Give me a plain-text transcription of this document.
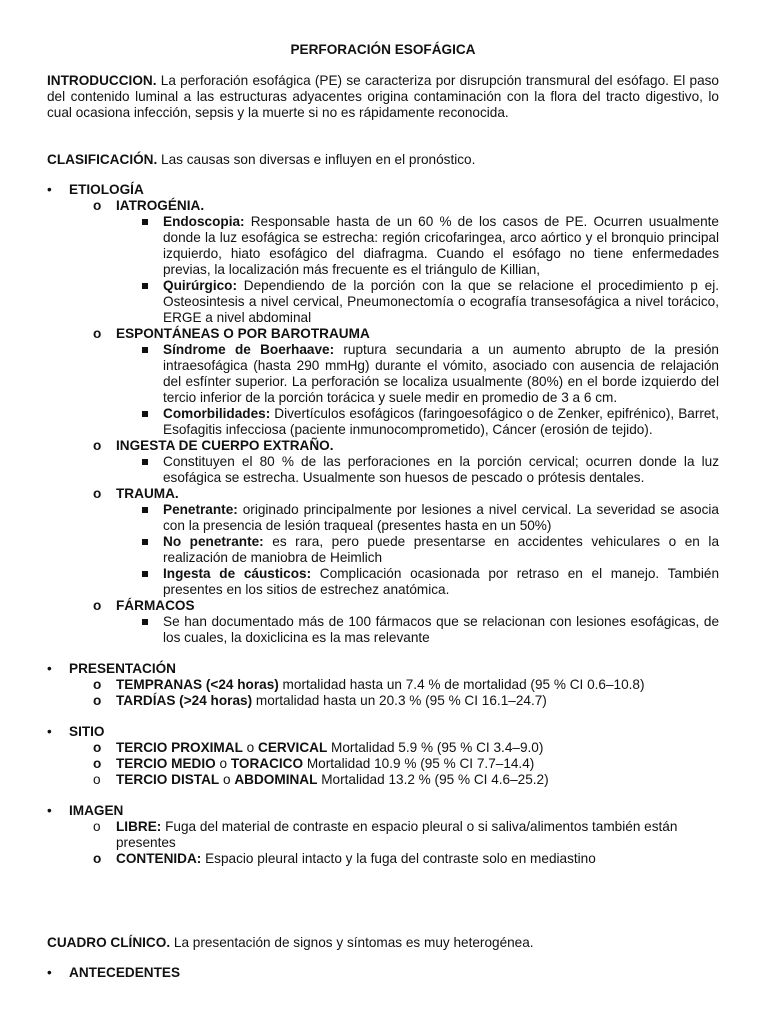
PERFORACIÓN ESOFÁGICA

INTRODUCCION. La perforación esofágica (PE) se caracteriza por disrupción transmural del esófago. El paso del contenido luminal a las estructuras adyacentes origina contaminación con la flora del tracto digestivo, lo cual ocasiona infección, sepsis y la muerte si no es rápidamente reconocida.

CLASIFICACIÓN. Las causas son diversas e influyen en el pronóstico.

• ETIOLOGÍA
o IATROGÉNIA.
Endoscopia: Responsable hasta de un 60 % de los casos de PE. Ocurren usualmente donde la luz esofágica se estrecha: región cricofaringea, arco aórtico y el bronquio principal izquierdo, hiato esofágico del diafragma. Cuando el esófago no tiene enfermedades previas, la localización más frecuente es el triángulo de Killian,
Quirúrgico: Dependiendo de la porción con la que se relacione el procedimiento p ej. Osteosintesis a nivel cervical, Pneumonectomía o ecografía transesofágica a nivel torácico, ERGE a nivel abdominal
o ESPONTÁNEAS O POR BAROTRAUMA
Síndrome de Boerhaave: ruptura secundaria a un aumento abrupto de la presión intraesofágica (hasta 290 mmHg) durante el vómito, asociado con ausencia de relajación del esfínter superior. La perforación se localiza usualmente (80%) en el borde izquierdo del tercio inferior de la porción torácica y suele medir en promedio de 3 a 6 cm.
Comorbilidades: Divertículos esofágicos (faringoesofágico o de Zenker, epifrénico), Barret, Esofagitis infecciosa (paciente inmunocomprometido), Cáncer (erosión de tejido).
o INGESTA DE CUERPO EXTRAÑO.
Constituyen el 80 % de las perforaciones en la porción cervical; ocurren donde la luz esofágica se estrecha. Usualmente son huesos de pescado o prótesis dentales.
o TRAUMA.
Penetrante: originado principalmente por lesiones a nivel cervical. La severidad se asocia con la presencia de lesión traqueal (presentes hasta en un 50%)
No penetrante: es rara, pero puede presentarse en accidentes vehiculares o en la realización de maniobra de Heimlich
Ingesta de cáusticos: Complicación ocasionada por retraso en el manejo. También presentes en los sitios de estrechez anatómica.
o FÁRMACOS
Se han documentado más de 100 fármacos que se relacionan con lesiones esofágicas, de los cuales, la doxiclicina es la mas relevante
• PRESENTACIÓN
o TEMPRANAS (<24 horas) mortalidad hasta un 7.4 % de mortalidad (95 % CI 0.6–10.8)
o TARDÍAS (>24 horas) mortalidad hasta un 20.3 % (95 % CI 16.1–24.7)
• SITIO
o TERCIO PROXIMAL o CERVICAL Mortalidad 5.9 % (95 % CI 3.4–9.0)
o TERCIO MEDIO o TORACICO Mortalidad 10.9 % (95 % CI 7.7–14.4)
o TERCIO DISTAL o ABDOMINAL Mortalidad 13.2 % (95 % CI 4.6–25.2)
• IMAGEN
o LIBRE: Fuga del material de contraste en espacio pleural o si saliva/alimentos también están presentes
o CONTENIDA: Espacio pleural intacto y la fuga del contraste solo en mediastino

CUADRO CLÍNICO. La presentación de signos y síntomas es muy heterogénea.

• ANTECEDENTES
